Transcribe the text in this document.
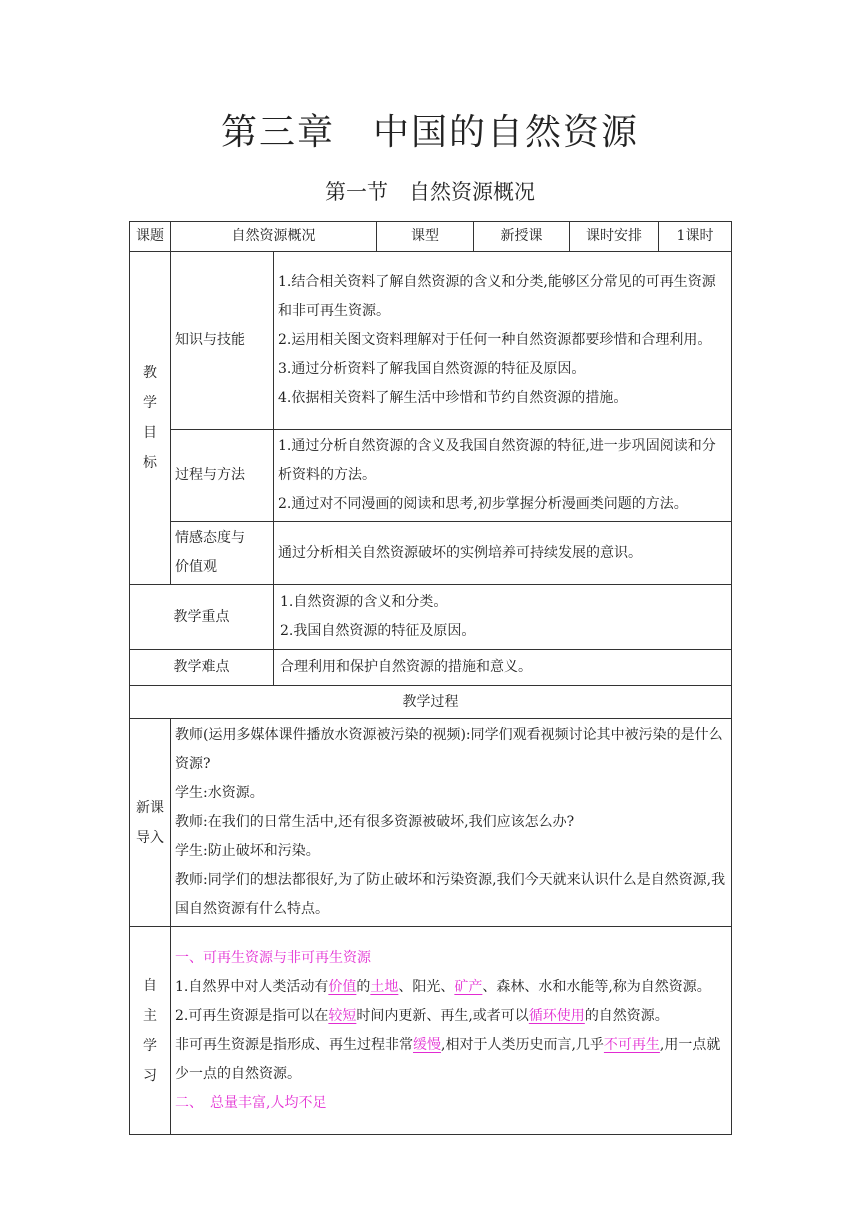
第三章　中国的自然资源
第一节　自然资源概况
课题	自然资源概况		课型	新授课	课时安排	1课时

教
学
目
标	知识与技能	1.结合相关资料了解自然资源的含义和分类,能够区分常见的可再生资源和非可再生资源。
2.运用相关图文资料理解对于任何一种自然资源都要珍惜和合理利用。
3.通过分析资料了解我国自然资源的特征及原因。
4.依据相关资料了解生活中珍惜和节约自然资源的措施。				

	过程与方法	1.通过分析自然资源的含义及我国自然资源的特征,进一步巩固阅读和分析资料的方法。
2.通过对不同漫画的阅读和思考,初步掌握分析漫画类问题的方法。				

	情感态度与
价值观	通过分析相关自然资源破坏的实例培养可持续发展的意识。				
教学重点		1.自然资源的含义和分类。
2.我国自然资源的特征及原因。				

教学难点		合理利用和保护自然资源的措施和意义。				
教学过程						

新课
导入	教师(运用多媒体课件播放水资源被污染的视频):同学们观看视频讨论其中被污染的是什么资源?
学生:水资源。
教师:在我们的日常生活中,还有很多资源被破坏,我们应该怎么办?
学生:防止破坏和污染。
教师:同学们的想法都很好,为了防止破坏和污染资源,我们今天就来认识什么是自然资源,我国自然资源有什么特点。					

自
主
学
习	一、可再生资源与非可再生资源
1.自然界中对人类活动有价值的土地、阳光、矿产、森林、水和水能等,称为自然资源。
2.可再生资源是指可以在较短时间内更新、再生,或者可以循环使用的自然资源。
非可再生资源是指形成、再生过程非常缓慢,相对于人类历史而言,几乎不可再生,用一点就少一点的自然资源。
二、　总量丰富,人均不足					
